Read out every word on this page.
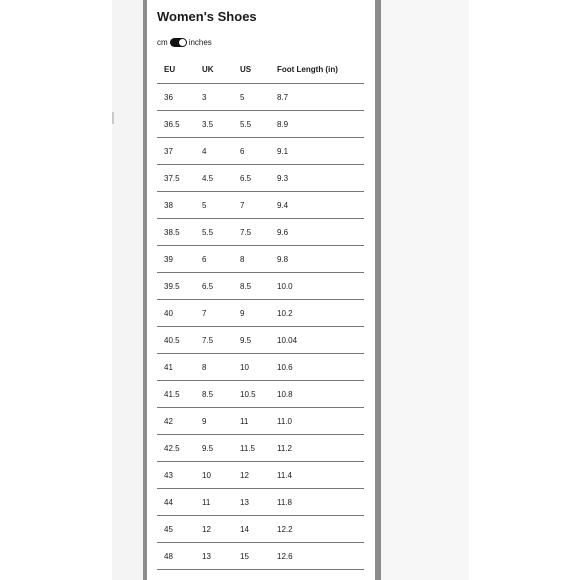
Women's Shoes
cm	inches
EU	UK	US	Foot Length (in)
36	3	5	8.7
36.5	3.5	5.5	8.9
37	4	6	9.1
37.5	4.5	6.5	9.3
38	5	7	9.4
38.5	5.5	7.5	9.6
39	6	8	9.8
39.5	6.5	8.5	10.0
40	7	9	10.2
40.5	7.5	9.5	10.04
41	8	10	10.6
41.5	8.5	10.5	10.8
42	9	11	11.0
42.5	9.5	11.5	11.2
43	10	12	11.4
44	11	13	11.8
45	12	14	12.2
48	13	15	12.6
